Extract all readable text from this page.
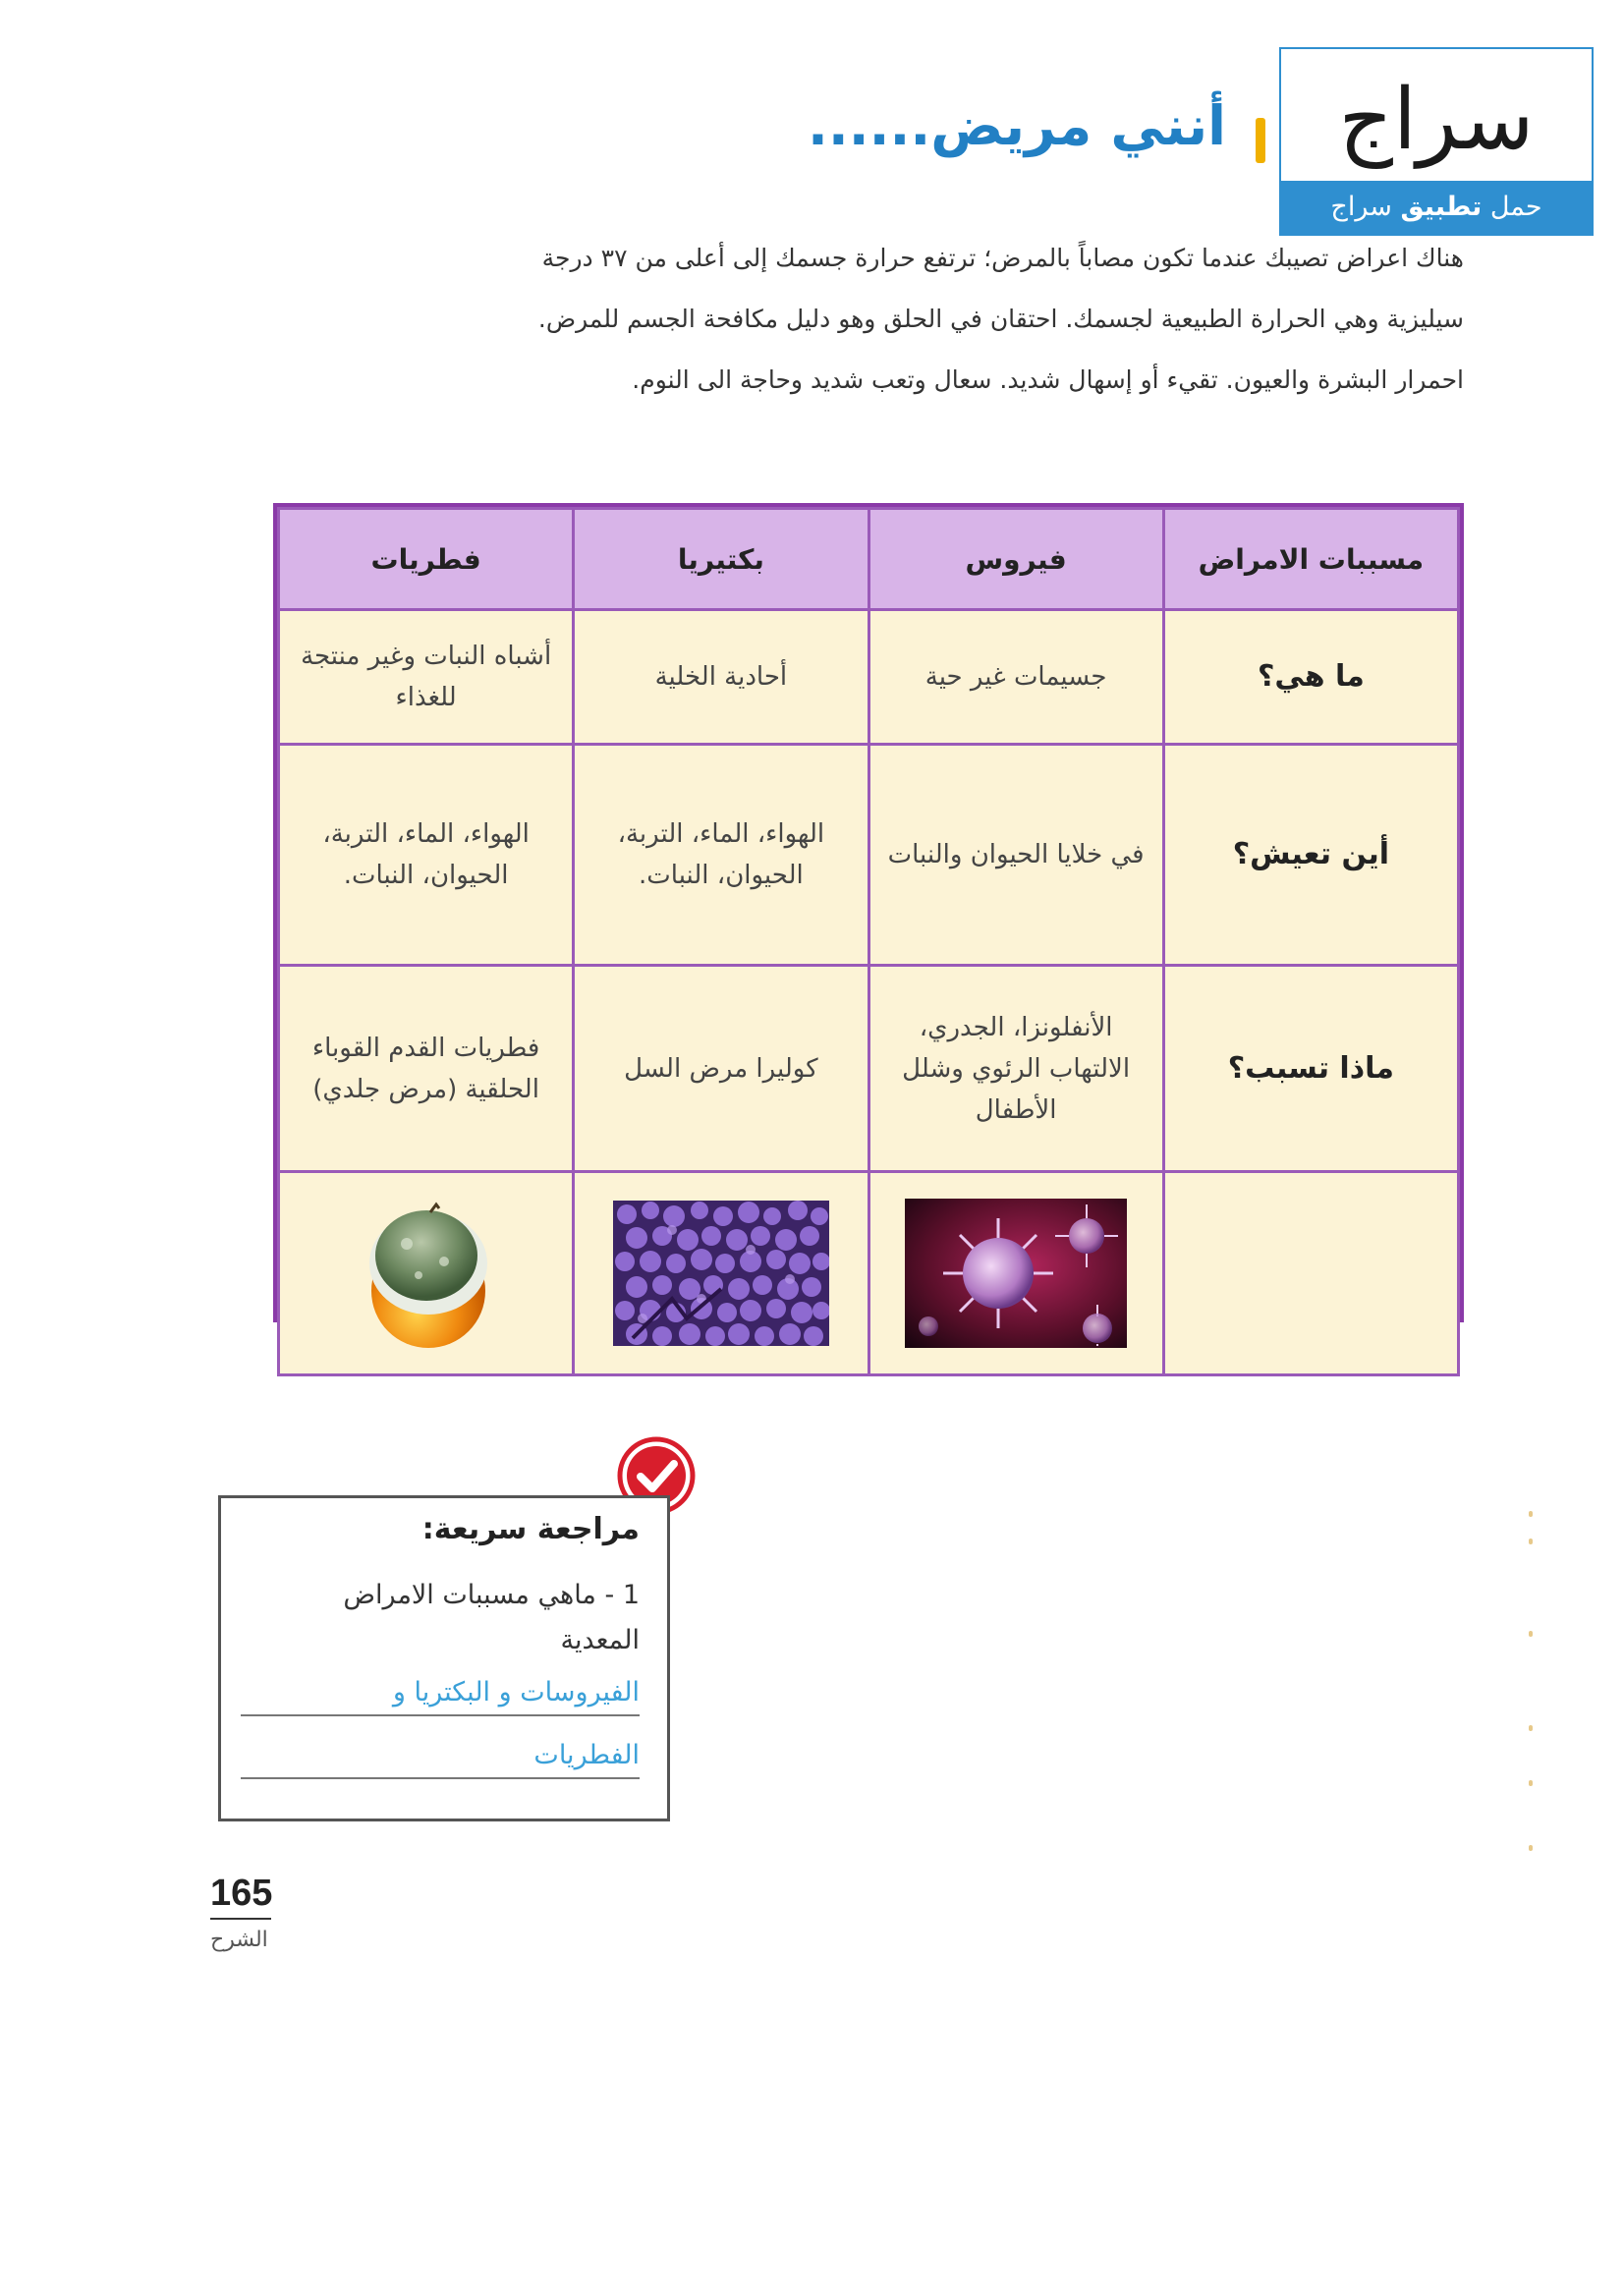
سراج
حمل تطبيق سراج
أنني مريض......

هناك اعراض تصيبك عندما تكون مصاباً بالمرض؛ ترتفع حرارة جسمك إلى أعلى من ٣٧ درجة

سيليزية وهي الحرارة الطبيعية لجسمك. احتقان في الحلق وهو دليل مكافحة الجسم للمرض.

احمرار البشرة والعيون. تقيء أو إسهال شديد. سعال وتعب شديد وحاجة الى النوم.

مسببات الامراض	فيروس	بكتيريا	فطريات
ما هي؟	جسيمات غير حية	أحادية الخلية	أشباه النبات وغير منتجة للغذاء
أين تعيش؟	في خلايا الحيوان والنبات	الهواء، الماء، التربة، الحيوان، النبات.	الهواء، الماء، التربة، الحيوان، النبات.
ماذا تسبب؟	الأنفلونزا، الجدري، الالتهاب الرئوي وشلل الأطفال	كوليرا مرض السل	فطريات القدم القوباء الحلقية (مرض جلدي)

مراجعة سريعة:
1 - ماهي مسببات الامراض المعدية
الفيروسات و البكتريا و
الفطريات
165
الشرح
